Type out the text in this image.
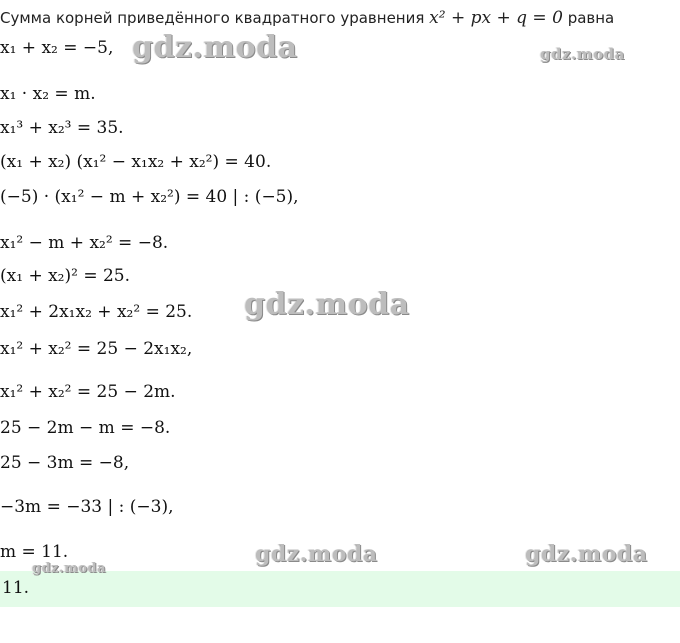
Сумма корней приведённого квадратного уравнения x² + px + q = 0 равна
x₁ + x₂ = −5,
x₁ · x₂ = m.
x₁³ + x₂³ = 35.
(x₁ + x₂) (x₁² − x₁x₂ + x₂²) = 40.
(−5) · (x₁² − m + x₂²) = 40 | : (−5),
x₁² − m + x₂² = −8.
(x₁ + x₂)² = 25.
x₁² + 2x₁x₂ + x₂² = 25.
x₁² + x₂² = 25 − 2x₁x₂,
x₁² + x₂² = 25 − 2m.
25 − 2m − m = −8.
25 − 3m = −8,
−3m = −33 | : (−3),
m = 11.
gdz.moda	gdz.moda
gdz.moda
gdz.moda	gdz.moda
11.
gdz.moda
